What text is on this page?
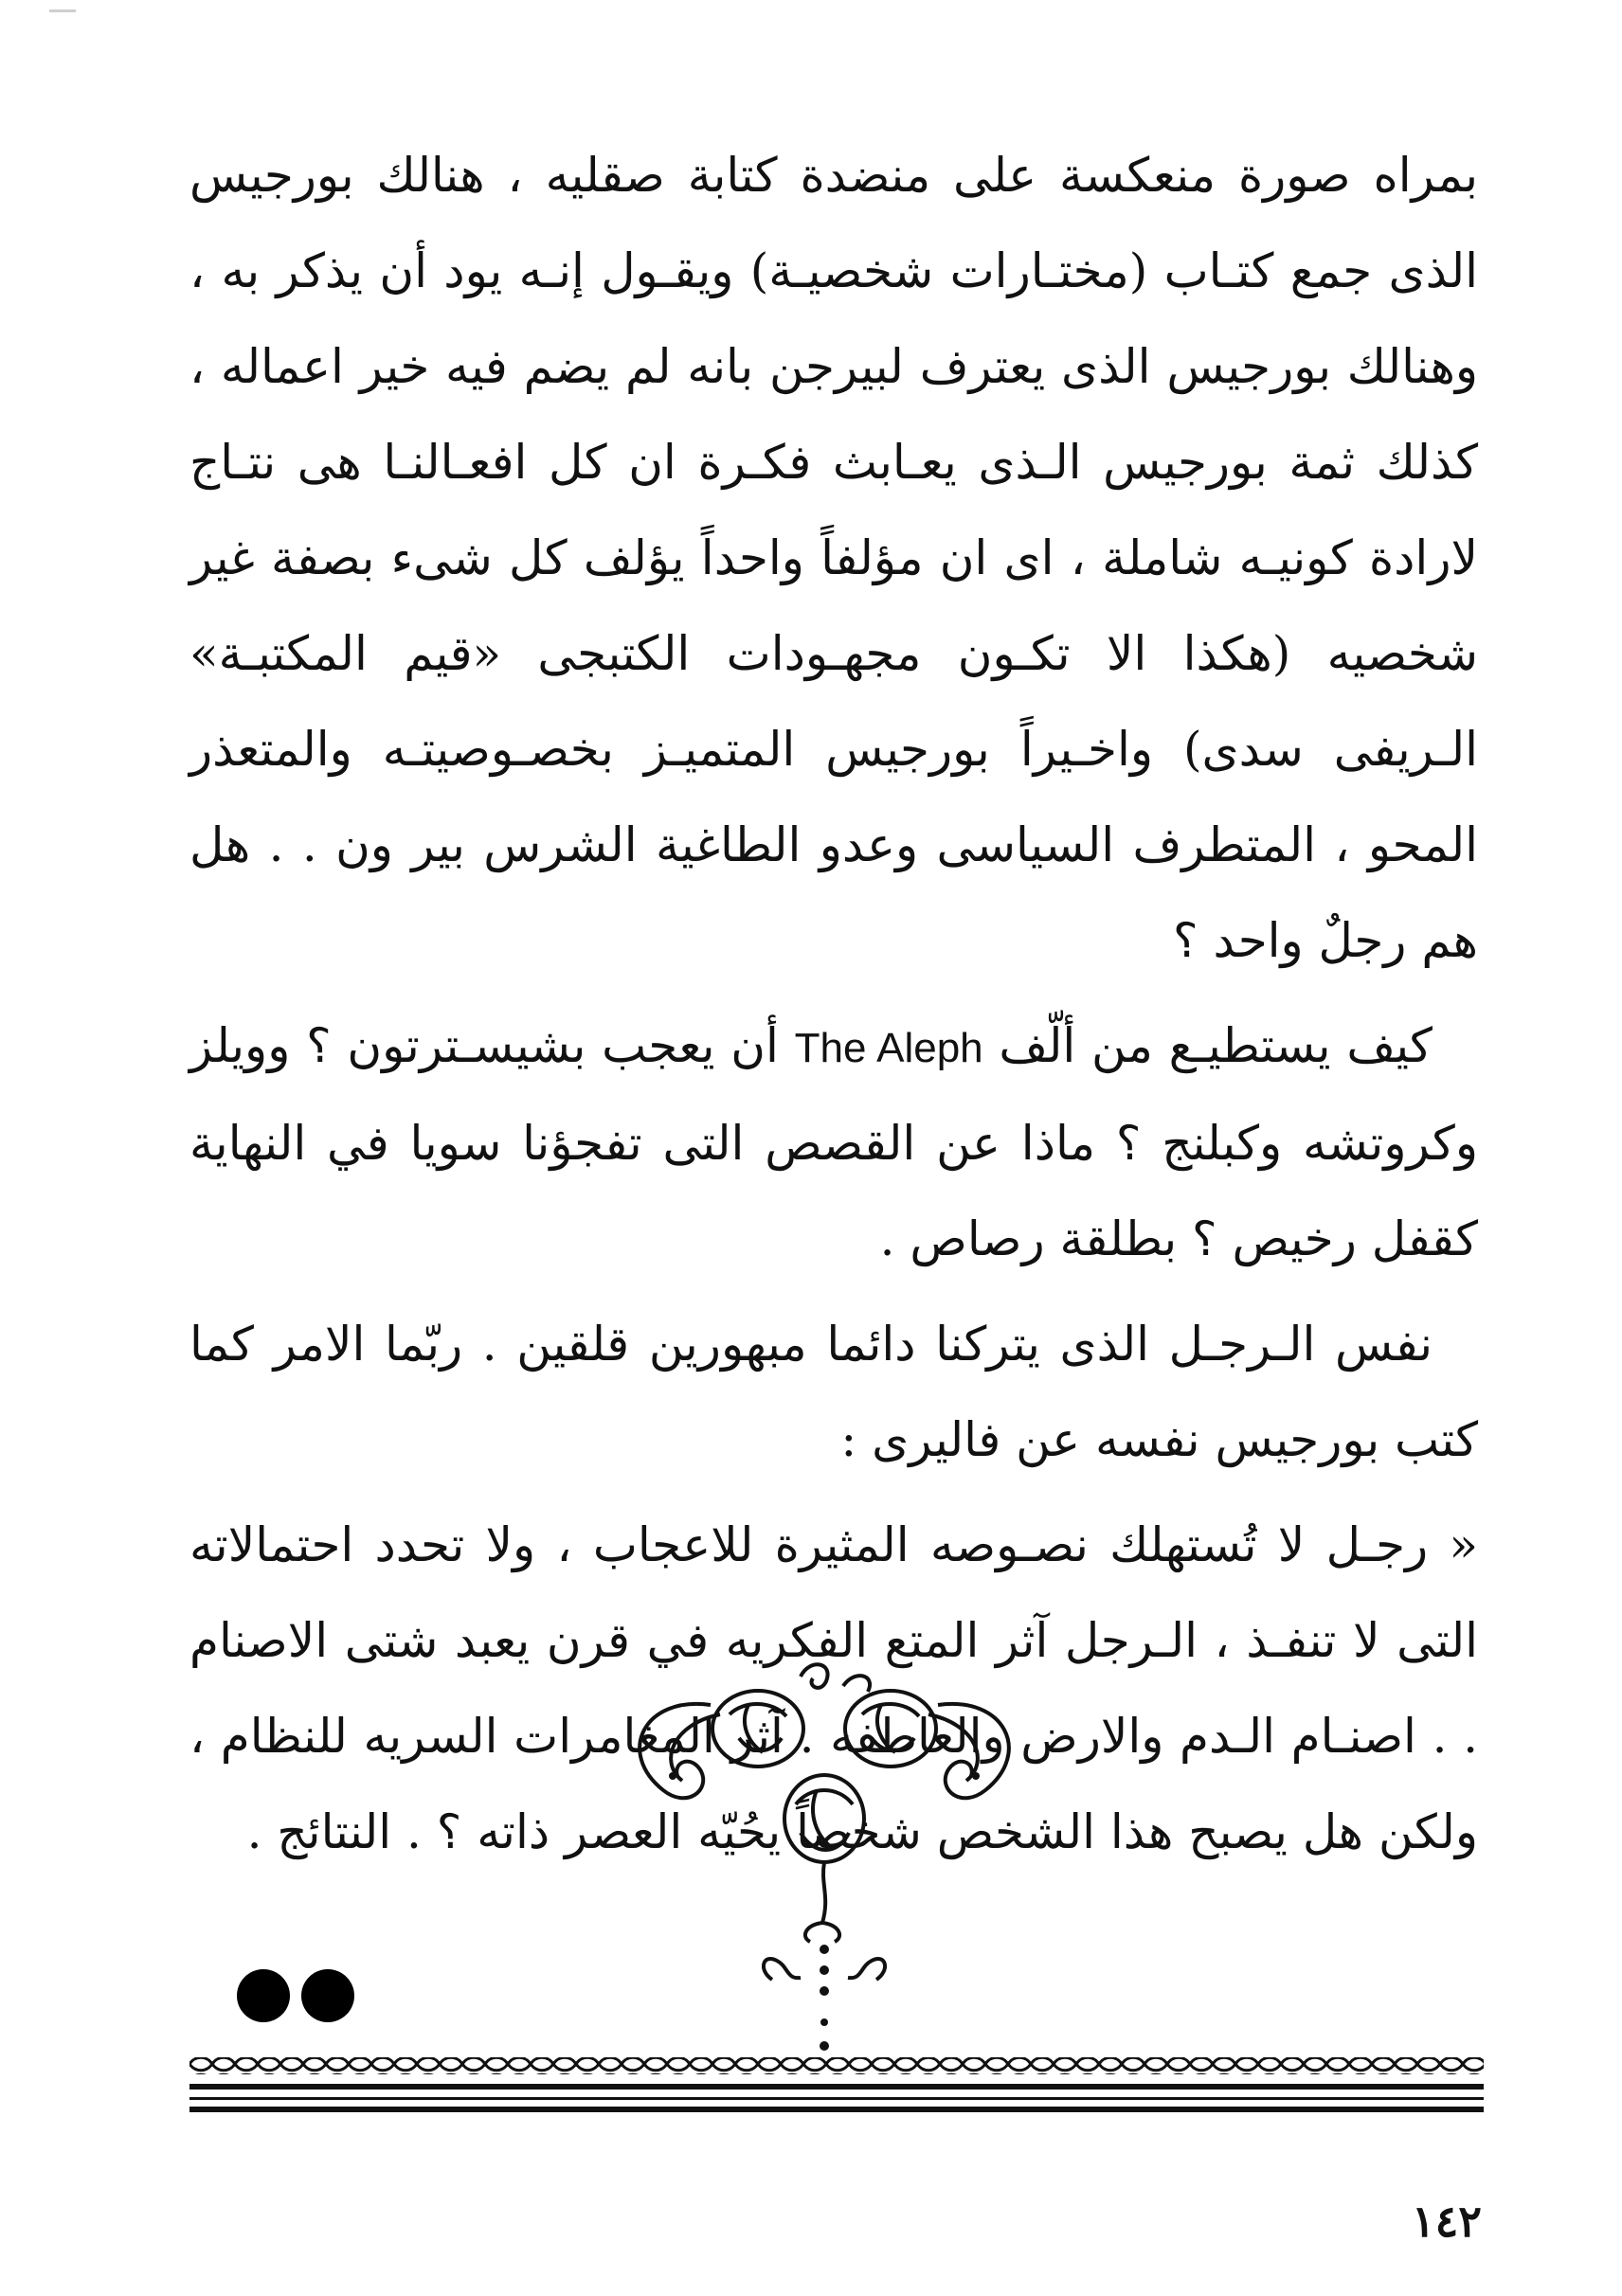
بمراه صورة منعكسة على منضدة كتابة صقليه ، هنالك بورجيس الذى جمع كتـاب (مختـارات شخصيـة) ويقـول إنـه يود أن يذكر به ، وهنالك بورجيس الذى يعترف لبيرجن بانه لم يضم فيه خير اعماله ، كذلك ثمة بورجيس الـذى يعـابث فكـرة ان كل افعـالنـا هى نتـاج لارادة كونيـه شاملة ، اى ان مؤلفاً واحداً يؤلف كل شىء بصفة غير شخصيه (هكذا الا تكـون مجهـودات الكتبجى «قيم المكتبـة» الـريفى سدى) واخـيراً بورجيس المتميـز بخصـوصيتـه والمتعذر المحو ، المتطرف السياسى وعدو الطاغية الشرس بير ون . . هل هم رجلٌ واحد ؟

كيف يستطيـع من ألّف The Aleph أن يعجب بشيسـترتون ؟ وويلز وكروتشه وكبلنج ؟ ماذا عن القصص التى تفجؤنا سويا في النهاية كقفل رخيص ؟ بطلقة رصاص .

نفس الـرجـل الذى يتركنا دائما مبهورين قلقين . ربّما الامر كما كتب بورجيس نفسه عن فاليرى :

« رجـل لا تُستهلك نصـوصه المثيرة للاعجاب ، ولا تحدد احتمالاته التى لا تنفـذ ، الـرجل آثر المتع الفكريه في قرن يعبد شتى الاصنام . . اصنـام الـدم والارض والعاطفه . آثر المغامرات السريه للنظام ، ولكن هل يصبح هذا الشخص شخصاً يحُيّه العصر ذاته ؟ . النتائج .

١٤٢
